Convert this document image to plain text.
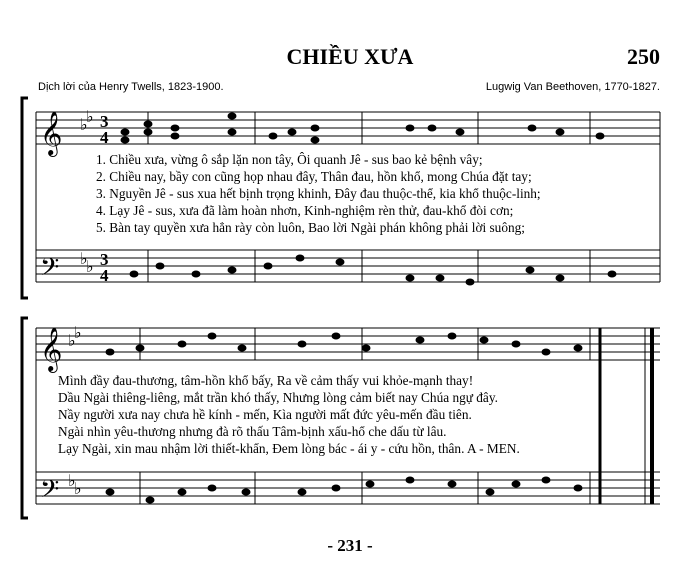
CHIỀU XƯA	250
Dịch lời của Henry Twells, 1823-1900.	Lugwig Van Beethoven, 1770-1827.
𝄞
𝄢
𝄞
𝄢
♭
♭
♭
♭
♭
♭
♭
♭
3
4
3
4
1. Chiều xưa, vừng ô sắp lặn non tây, Ôi quanh Jê - sus bao kẻ bệnh vây;
2. Chiều nay, bầy con cũng họp nhau đây, Thân đau, hồn khổ, mong Chúa đặt tay;
3. Nguyền Jê - sus xua hết bịnh trọng khinh, Đây đau thuộc-thể, kia khổ thuộc-linh;
4. Lạy Jê - sus, xưa đã làm hoàn nhơn, Kinh-nghiệm rèn thử, đau-khổ đòi cơn;
5. Bàn tay quyền xưa hẳn rày còn luôn, Bao lời Ngài phán không phải lời suông;
Mình đầy đau-thương, tâm-hồn khổ bấy, Ra về cảm thấy vui khỏe-mạnh thay!
Dầu Ngài thiêng-liêng, mắt trần khó thấy, Nhưng lòng cảm biết nay Chúa ngự đây.
Nầy người xưa nay chưa hề kính - mến, Kìa người mất đức yêu-mến đầu tiên.
Ngài nhìn yêu-thương nhưng đà rõ thấu Tâm-bịnh xấu-hổ che dấu từ lâu.
Lạy Ngài, xin mau nhậm lời thiết-khẩn, Đem lòng bác - ái y - cứu hồn, thân. A - MEN.
- 231 -
